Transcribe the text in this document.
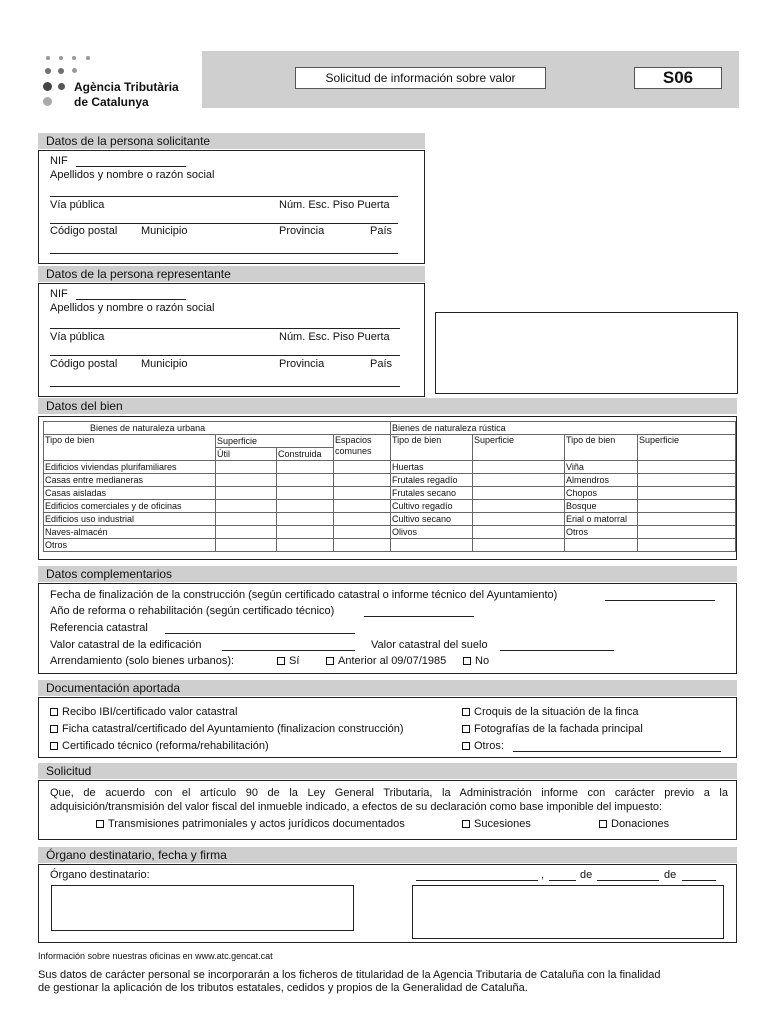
Agència Tributària
de Catalunya
Solicitud de información sobre valor	S06
Datos de la persona solicitante
NIF
Apellidos y nombre o razón social
Vía pública	Núm. Esc. Piso Puerta
Código postal Municipio	Provincia	País
Datos de la persona representante
NIF
Apellidos y nombre o razón social
Vía pública	Núm. Esc. Piso Puerta
Código postal Municipio	Provincia	País
Datos del bien
Bienes de naturaleza urbana			
Tipo de bien	Superficie		Espacios comunes
	Útil	Construida	
Edificios viviendas plurifamiliares			
Casas entre medianeras			
Casas aisladas			
Edificios comerciales y de oficinas			
Edificios uso industrial			
Naves-almacén			
Otros			
Bienes de naturaleza rústica			
Tipo de bien	Superficie	Tipo de bien	Superficie
Huertas		Viña	
Frutales regadío		Almendros	
Frutales secano		Chopos	
Cultivo regadío		Bosque	
Cultivo secano		Erial o matorral	
Olivos		Otros	

Datos complementarios
Fecha de finalización de la construcción (según certificado catastral o informe técnico del Ayuntamiento)
Año de reforma o rehabilitación (según certificado técnico)
Referencia catastral
Valor catastral de la edificación	Valor catastral del suelo
Arrendamiento (solo bienes urbanos):	Sí	Anterior al 09/07/1985	No
Documentación aportada
Recibo IBI/certificado valor catastral
Ficha catastral/certificado del Ayuntamiento (finalizacion construcción)
Certificado técnico (reforma/rehabilitación)
Croquis de la situación de la finca
Fotografías de la fachada principal
Otros:
Solicitud
Que, de acuerdo con el artículo 90 de la Ley General Tributaria, la Administración informe con carácter previo a la
adquisición/transmisión del valor fiscal del inmueble indicado, a efectos de su declaración como base imponible del impuesto:
Transmisiones patrimoniales y actos jurídicos documentados	Sucesiones	Donaciones
Órgano destinatario, fecha y firma
Órgano destinatario:	,	de	de
Información sobre nuestras oficinas en www.atc.gencat.cat
Sus datos de carácter personal se incorporarán a los ficheros de titularidad de la Agencia Tributaria de Cataluña con la finalidad
de gestionar la aplicación de los tributos estatales, cedidos y propios de la Generalidad de Cataluña.
